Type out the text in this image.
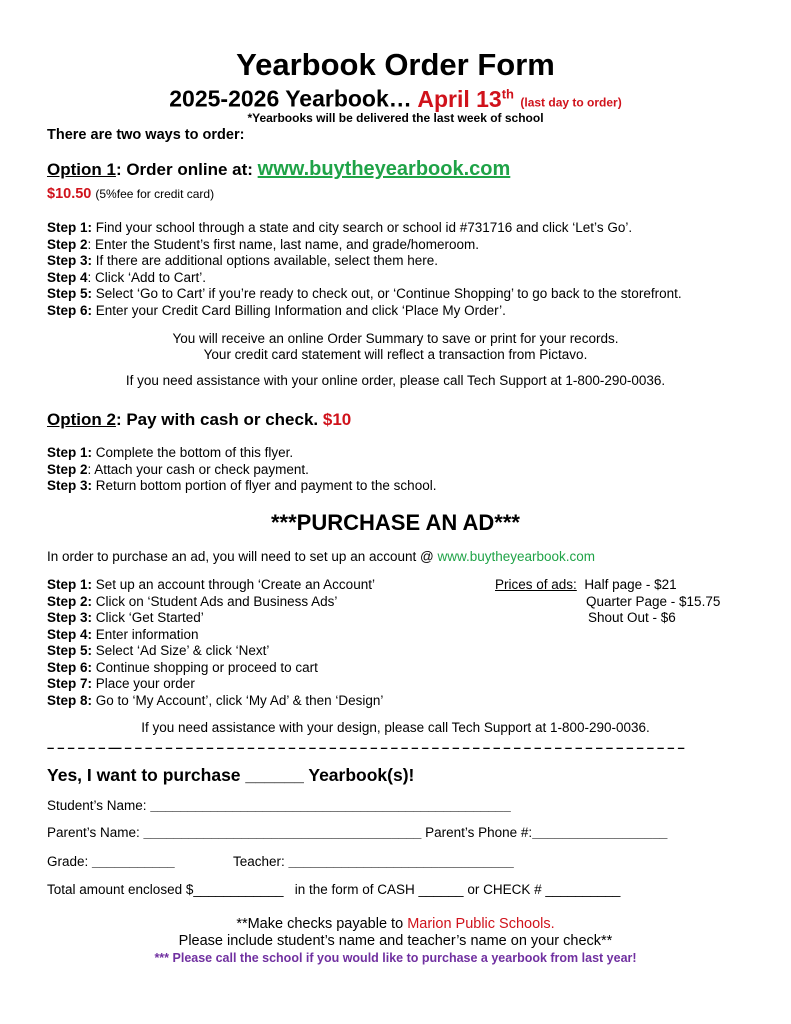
Yearbook Order Form
2025-2026 Yearbook… April 13th (last day to order)
*Yearbooks will be delivered the last week of school
There are two ways to order:
Option 1: Order online at: www.buytheyearbook.com
$10.50 (5%fee for credit card)
Step 1: Find your school through a state and city search or school id #731716 and click ‘Let’s Go’.
Step 2: Enter the Student’s first name, last name, and grade/homeroom.
Step 3: If there are additional options available, select them here.
Step 4: Click ‘Add to Cart’.
Step 5: Select ‘Go to Cart’ if you’re ready to check out, or ‘Continue Shopping’ to go back to the storefront.
Step 6: Enter your Credit Card Billing Information and click ‘Place My Order’.
You will receive an online Order Summary to save or print for your records.
Your credit card statement will reflect a transaction from Pictavo.
If you need assistance with your online order, please call Tech Support at 1-800-290-0036.
Option 2: Pay with cash or check. $10
Step 1: Complete the bottom of this flyer.
Step 2: Attach your cash or check payment.
Step 3: Return bottom portion of flyer and payment to the school.
***PURCHASE AN AD***
In order to purchase an ad, you will need to set up an account @ www.buytheyearbook.com
Step 1: Set up an account through ‘Create an Account’
Step 2: Click on ‘Student Ads and Business Ads’
Step 3: Click ‘Get Started’
Step 4: Enter information
Step 5: Select ‘Ad Size’ & click ‘Next’
Step 6: Continue shopping or proceed to cart
Step 7: Place your order
Step 8: Go to ‘My Account’, click ‘My Ad’ & then ‘Design’
Prices of ads: Half page - $21
Quarter Page - $15.75
Shout Out - $6
If you need assistance with your design, please call Tech Support at 1-800-290-0036.
– – – – – – — – – – – – – – – – – – – – – – – – – – – – – – – – – – – – – – – – – – – – – – – – – – – – – – – – – – – – – –
Yes, I want to purchase ______ Yearbook(s)!
Student’s Name: ________________________________________________
Parent’s Name: _____________________________________ Parent’s Phone #:__________________
Grade: ___________	Teacher: ______________________________
Total amount enclosed $____________   in the form of CASH ______ or CHECK # __________
**Make checks payable to Marion Public Schools.
Please include student’s name and teacher’s name on your check**
*** Please call the school if you would like to purchase a yearbook from last year!
